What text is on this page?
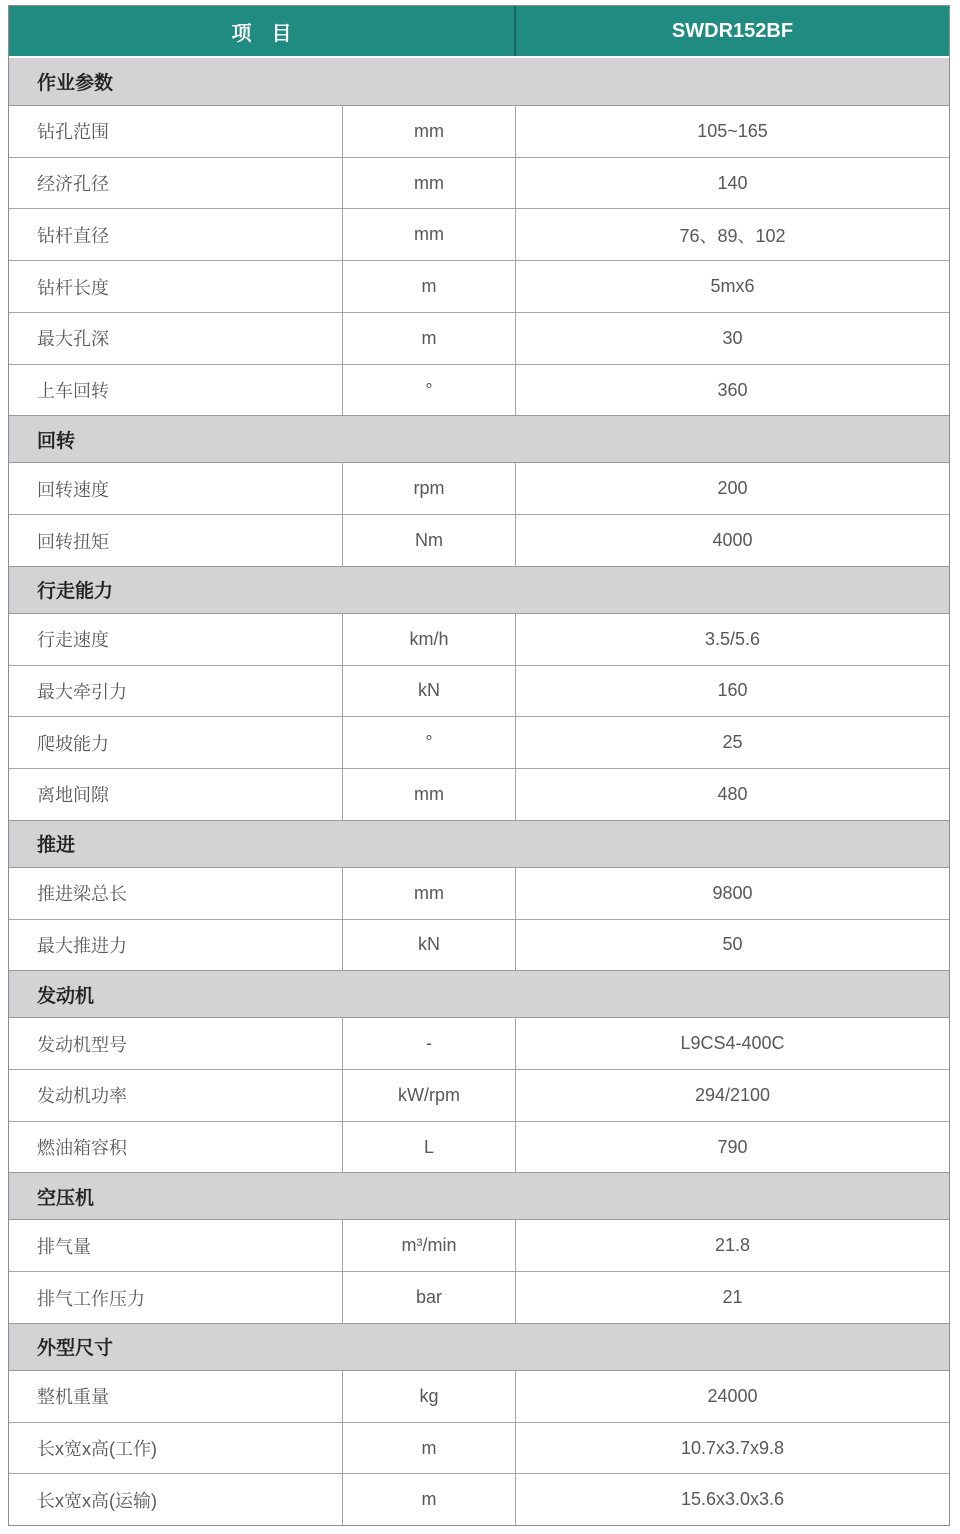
项　目	SWDR152BF
作业参数
钻孔范围	mm	105~165
经济孔径	mm	140
钻杆直径	mm	76、89、102
钻杆长度	m	5mx6
最大孔深	m	30
上车回转	°	360
回转
回转速度	rpm	200
回转扭矩	Nm	4000
行走能力
行走速度	km/h	3.5/5.6
最大牵引力	kN	160
爬坡能力	°	25
离地间隙	mm	480
推进
推进梁总长	mm	9800
最大推进力	kN	50
发动机
发动机型号	-	L9CS4-400C
发动机功率	kW/rpm	294/2100
燃油箱容积	L	790
空压机
排气量	m³/min	21.8
排气工作压力	bar	21
外型尺寸
整机重量	kg	24000
长x宽x高(工作)	m	10.7x3.7x9.8
长x宽x高(运输)	m	15.6x3.0x3.6
